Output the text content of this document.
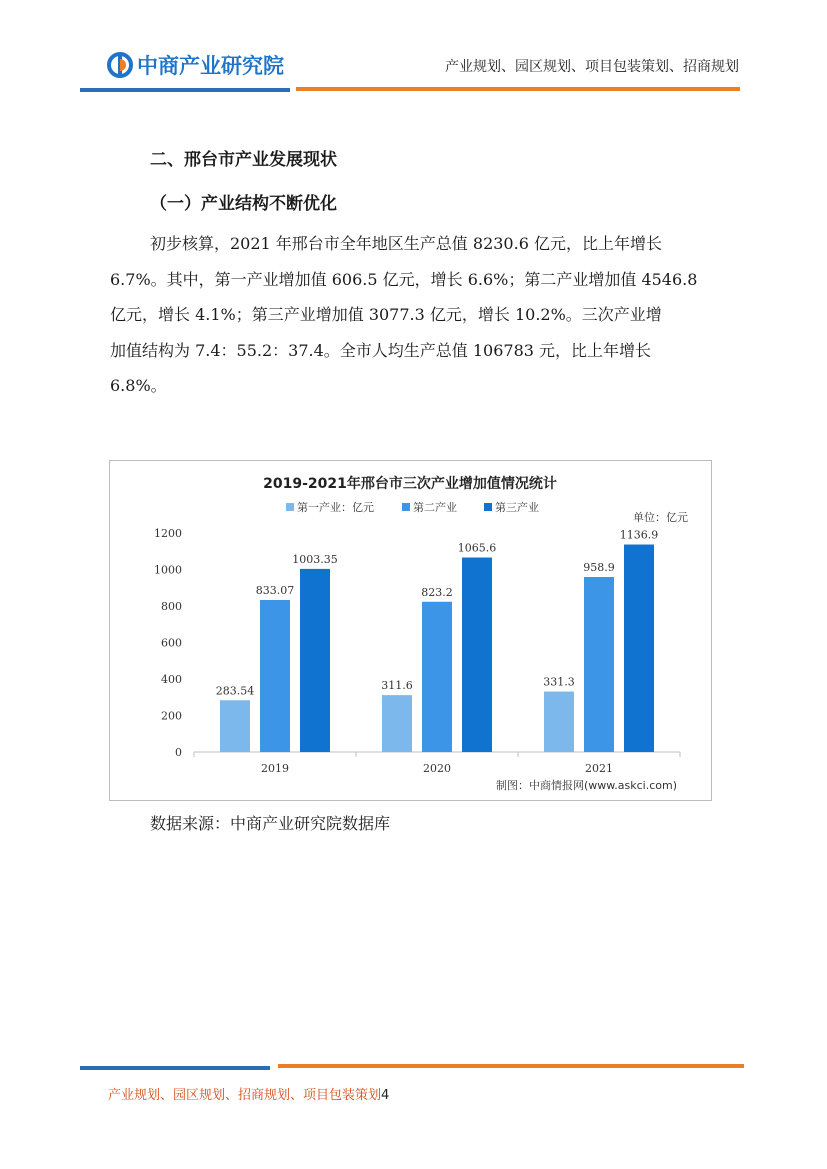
中商产业研究院	产业规划、园区规划、项目包装策划、招商规划
二、邢台市产业发展现状
（一）产业结构不断优化
初步核算，2021 年邢台市全年地区生产总值 8230.6 亿元，比上年增长
6.7%。其中，第一产业增加值 606.5 亿元，增长 6.6%；第二产业增加值 4546.8
亿元，增长 4.1%；第三产业增加值 3077.3 亿元，增长 10.2%。三次产业增
加值结构为 7.4：55.2：37.4。全市人均生产总值 106783 元，比上年增长
6.8%。
2019-2021年邢台市三次产业增加值情况统计
第一产业：亿元	第二产业	第三产业
单位：亿元
0
200
400
600
800
1000
1200
283.54
833.07
1003.35
2019
311.6
823.2
1065.6
2020
331.3
958.9
1136.9
2021
制图：中商情报网(www.askci.com)
数据来源：中商产业研究院数据库
产业规划、园区规划、招商规划、项目包装策划4
